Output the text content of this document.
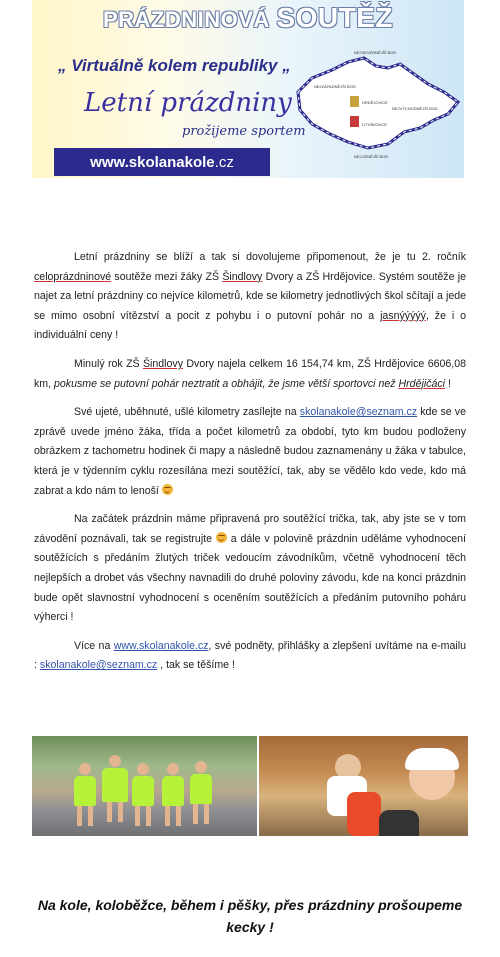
PRÁZDNINOVÁ SOUTĚŽ
„ Virtuálně kolem republiky „
Letní prázdniny
prožijeme sportem
www.skolanakole .cz
NEJSEVERNĚJŠÍ BOD
NEJZÁPADNĚJŠÍ BOD
HRDĚJOVICE
NEJVÝCHODNĚJŠÍ BOD
LITVÍNOVICE
NEJJIŽNĚJŠÍ BOD

Letní prázdniny se blíží a tak si dovolujeme připomenout, že je tu 2. ročník celoprázdninové soutěže mezi žáky ZŠ Šindlovy Dvory a ZŠ Hrdějovice. Systém soutěže je najet za letní prázdniny co nejvíce kilometrů, kde se kilometry jednotlivých škol sčítají a jede se mimo osobní vítězství a pocit z pohybu i o putovní pohár no a jasnýýýýý, že i o individuální ceny !

Minulý rok ZŠ Šindlovy Dvory najela celkem 16 154,74 km, ZŠ Hrdějovice 6606,08 km, pokusme se putovní pohár neztratit a obhájit, že jsme větší sportovci než Hrdějičáci !

Své ujeté, uběhnuté, ušlé kilometry zasílejte na skolanakole@seznam.cz kde se ve zprávě uvede jméno žáka, třída a počet kilometrů za období, tyto km budou podloženy obrázkem z tachometru hodinek či mapy a následně budou zaznamenány u žáka v tabulce, která je v týdenním cyklu rozesílána mezi soutěžící, tak, aby se vědělo kdo vede, kdo má zabrat a kdo nám to lenoší

Na začátek prázdnin máme připravená pro soutěžící trička, tak, aby jste se v tom závodění poznávali, tak se registrujte  a dále v polovině prázdnin uděláme vyhodnocení soutěžících s předáním žlutých triček vedoucím závodníkům, včetně vyhodnocení těch nejlepších a drobet vás všechny navnadili do druhé poloviny závodu, kde na konci prázdnin bude opět slavnostní vyhodnocení s oceněním soutěžících a předáním putovního poháru výherci !

Více na www.skolanakole.cz, své podněty, přihlášky a zlepšení uvítáme na e-mailu : skolanakole@seznam.cz , tak se těšíme !

Na kole, koloběžce, během i pěšky, přes prázdniny prošoupeme
kecky !
